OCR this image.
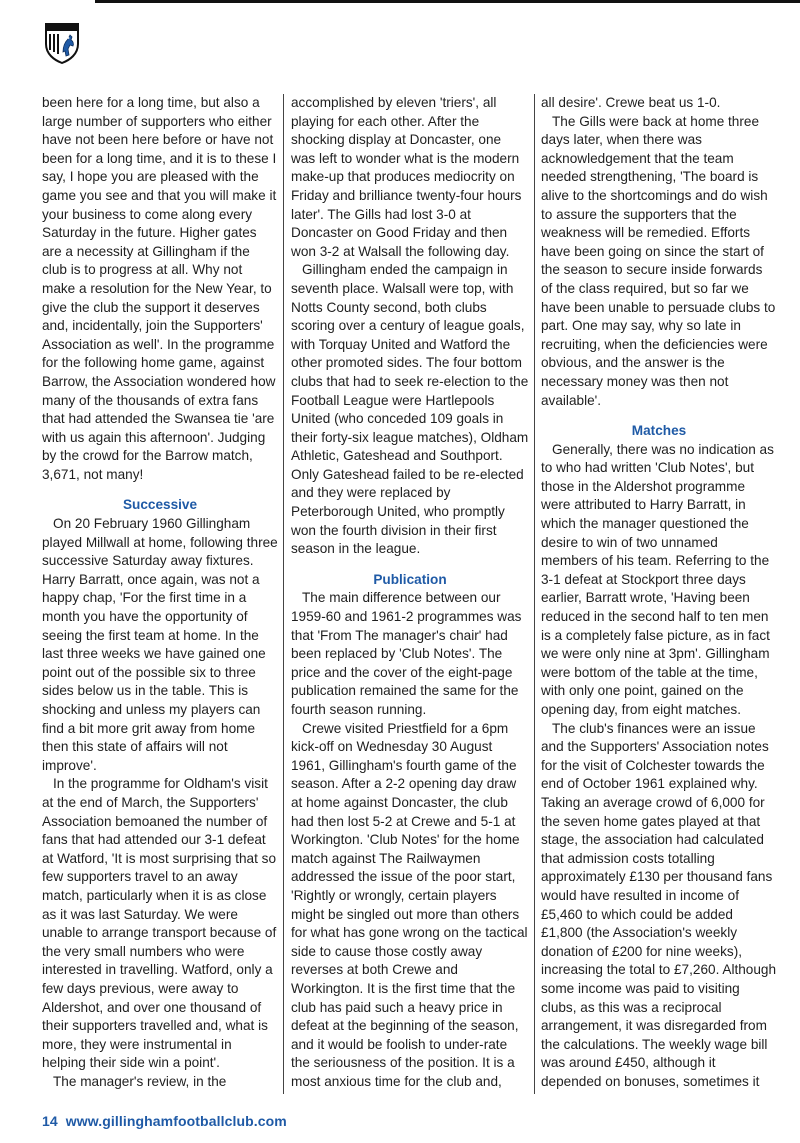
been here for a long time, but also a large number of supporters who either have not been here before or have not been for a long time, and it is to these I say, I hope you are pleased with the game you see and that you will make it your business to come along every Saturday in the future. Higher gates are a necessity at Gillingham if the club is to progress at all. Why not make a resolution for the New Year, to give the club the support it deserves and, incidentally, join the Supporters' Association as well'. In the programme for the following home game, against Barrow, the Association wondered how many of the thousands of extra fans that had attended the Swansea tie 'are with us again this afternoon'. Judging by the crowd for the Barrow match, 3,671, not many!

Successive

On 20 February 1960 Gillingham played Millwall at home, following three successive Saturday away fixtures. Harry Barratt, once again, was not a happy chap, 'For the first time in a month you have the opportunity of seeing the first team at home. In the last three weeks we have gained one point out of the possible six to three sides below us in the table. This is shocking and unless my players can find a bit more grit away from home then this state of affairs will not improve'.

In the programme for Oldham's visit at the end of March, the Supporters' Association bemoaned the number of fans that had attended our 3-1 defeat at Watford, 'It is most surprising that so few supporters travel to an away match, particularly when it is as close as it was last Saturday. We were unable to arrange transport because of the very small numbers who were interested in travelling. Watford, only a few days previous, were away to Aldershot, and over one thousand of their supporters travelled and, what is more, they were instrumental in helping their side win a point'.

The manager's review, in the

accomplished by eleven 'triers', all playing for each other. After the shocking display at Doncaster, one was left to wonder what is the modern make-up that produces mediocrity on Friday and brilliance twenty-four hours later'. The Gills had lost 3-0 at Doncaster on Good Friday and then won 3-2 at Walsall the following day.

Gillingham ended the campaign in seventh place. Walsall were top, with Notts County second, both clubs scoring over a century of league goals, with Torquay United and Watford the other promoted sides. The four bottom clubs that had to seek re-election to the Football League were Hartlepools United (who conceded 109 goals in their forty-six league matches), Oldham Athletic, Gateshead and Southport. Only Gateshead failed to be re-elected and they were replaced by Peterborough United, who promptly won the fourth division in their first season in the league.

Publication

The main difference between our 1959-60 and 1961-2 programmes was that 'From The manager's chair' had been replaced by 'Club Notes'. The price and the cover of the eight-page publication remained the same for the fourth season running.

Crewe visited Priestfield for a 6pm kick-off on Wednesday 30 August 1961, Gillingham's fourth game of the season. After a 2-2 opening day draw at home against Doncaster, the club had then lost 5-2 at Crewe and 5-1 at Workington. 'Club Notes' for the home match against The Railwaymen addressed the issue of the poor start, 'Rightly or wrongly, certain players might be singled out more than others for what has gone wrong on the tactical side to cause those costly away reverses at both Crewe and Workington. It is the first time that the club has paid such a heavy price in defeat at the beginning of the season, and it would be foolish to under-rate the seriousness of the position. It is a most anxious time for the club and,

all desire'. Crewe beat us 1-0.

The Gills were back at home three days later, when there was acknowledgement that the team needed strengthening, 'The board is alive to the shortcomings and do wish to assure the supporters that the weakness will be remedied. Efforts have been going on since the start of the season to secure inside forwards of the class required, but so far we have been unable to persuade clubs to part. One may say, why so late in recruiting, when the deficiencies were obvious, and the answer is the necessary money was then not available'.

Matches

Generally, there was no indication as to who had written 'Club Notes', but those in the Aldershot programme were attributed to Harry Barratt, in which the manager questioned the desire to win of two unnamed members of his team. Referring to the 3-1 defeat at Stockport three days earlier, Barratt wrote, 'Having been reduced in the second half to ten men is a completely false picture, as in fact we were only nine at 3pm'. Gillingham were bottom of the table at the time, with only one point, gained on the opening day, from eight matches.

The club's finances were an issue and the Supporters' Association notes for the visit of Colchester towards the end of October 1961 explained why. Taking an average crowd of 6,000 for the seven home gates played at that stage, the association had calculated that admission costs totalling approximately £130 per thousand fans would have resulted in income of £5,460 to which could be added £1,800 (the Association's weekly donation of £200 for nine weeks), increasing the total to £7,260. Although some income was paid to visiting clubs, as this was a reciprocal arrangement, it was disregarded from the calculations. The weekly wage bill was around £450, although it depended on bonuses, sometimes it

14 www.gillinghamfootballclub.com
